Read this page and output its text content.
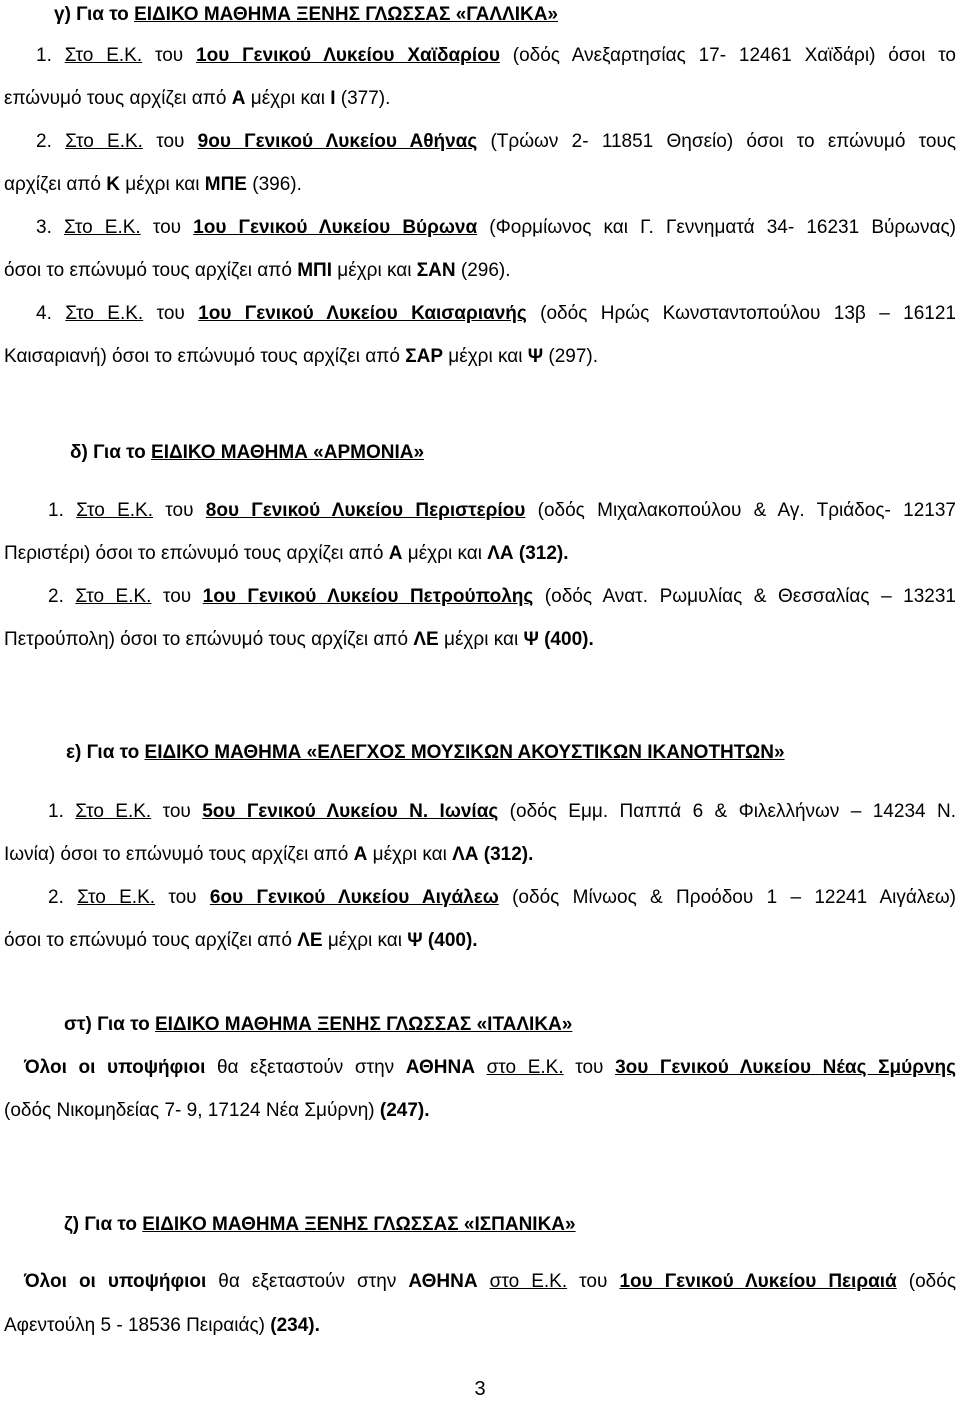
γ) Για το ΕΙΔΙΚΟ ΜΑΘΗΜΑ ΞΕΝΗΣ ΓΛΩΣΣΑΣ «ΓΑΛΛΙΚΑ»
1. Στο Ε.Κ. του 1ου Γενικού Λυκείου Χαϊδαρίου (οδός Ανεξαρτησίας 17- 12461 Χαϊδάρι) όσοι το
επώνυμό τους αρχίζει από Α μέχρι και Ι (377).
2. Στο Ε.Κ. του 9ου Γενικού Λυκείου Αθήνας (Τρώων 2- 11851 Θησείο) όσοι το επώνυμό τους
αρχίζει από Κ μέχρι και ΜΠΕ (396).
3. Στο Ε.Κ. του 1ου Γενικού Λυκείου Βύρωνα (Φορμίωνος και Γ. Γεννηματά 34- 16231 Βύρωνας)
όσοι το επώνυμό τους αρχίζει από ΜΠΙ μέχρι και ΣΑΝ (296).
4. Στο Ε.Κ. του 1ου Γενικού Λυκείου Καισαριανής (οδός Ηρώς Κωνσταντοπούλου 13β – 16121
Καισαριανή) όσοι το επώνυμό τους αρχίζει από ΣΑΡ μέχρι και Ψ (297).
δ) Για το ΕΙΔΙΚΟ ΜΑΘΗΜΑ «ΑΡΜΟΝΙΑ»
1. Στο Ε.Κ. του 8ου Γενικού Λυκείου Περιστερίου (οδός Μιχαλακοπούλου & Αγ. Τριάδος- 12137
Περιστέρι) όσοι το επώνυμό τους αρχίζει από Α μέχρι και ΛΑ (312).
2. Στο Ε.Κ. του 1ου Γενικού Λυκείου Πετρούπολης (οδός Ανατ. Ρωμυλίας & Θεσσαλίας – 13231
Πετρούπολη) όσοι το επώνυμό τους αρχίζει από ΛΕ μέχρι και Ψ (400).
ε) Για το ΕΙΔΙΚΟ ΜΑΘΗΜΑ «ΕΛΕΓΧΟΣ ΜΟΥΣΙΚΩΝ ΑΚΟΥΣΤΙΚΩΝ ΙΚΑΝΟΤΗΤΩΝ»
1. Στο Ε.Κ. του 5ου Γενικού Λυκείου Ν. Ιωνίας (οδός Εμμ. Παππά 6 & Φιλελλήνων – 14234 Ν.
Ιωνία) όσοι το επώνυμό τους αρχίζει από Α μέχρι και ΛΑ (312).
2. Στο Ε.Κ. του 6ου Γενικού Λυκείου Αιγάλεω (οδός Μίνωος & Προόδου 1 – 12241 Αιγάλεω)
όσοι το επώνυμό τους αρχίζει από ΛΕ μέχρι και Ψ (400).
στ) Για το ΕΙΔΙΚΟ ΜΑΘΗΜΑ ΞΕΝΗΣ ΓΛΩΣΣΑΣ «ΙΤΑΛΙΚΑ»
Όλοι οι υποψήφιοι θα εξεταστούν στην ΑΘΗΝΑ στο Ε.Κ. του 3ου Γενικού Λυκείου Νέας Σμύρνης
(οδός Νικομηδείας 7- 9, 17124 Νέα Σμύρνη) (247).
ζ) Για το ΕΙΔΙΚΟ ΜΑΘΗΜΑ ΞΕΝΗΣ ΓΛΩΣΣΑΣ «ΙΣΠΑΝΙΚΑ»
Όλοι οι υποψήφιοι θα εξεταστούν στην ΑΘΗΝΑ στο Ε.Κ. του 1ου Γενικού Λυκείου Πειραιά (οδός
Αφεντούλη 5 - 18536 Πειραιάς) (234).
3
